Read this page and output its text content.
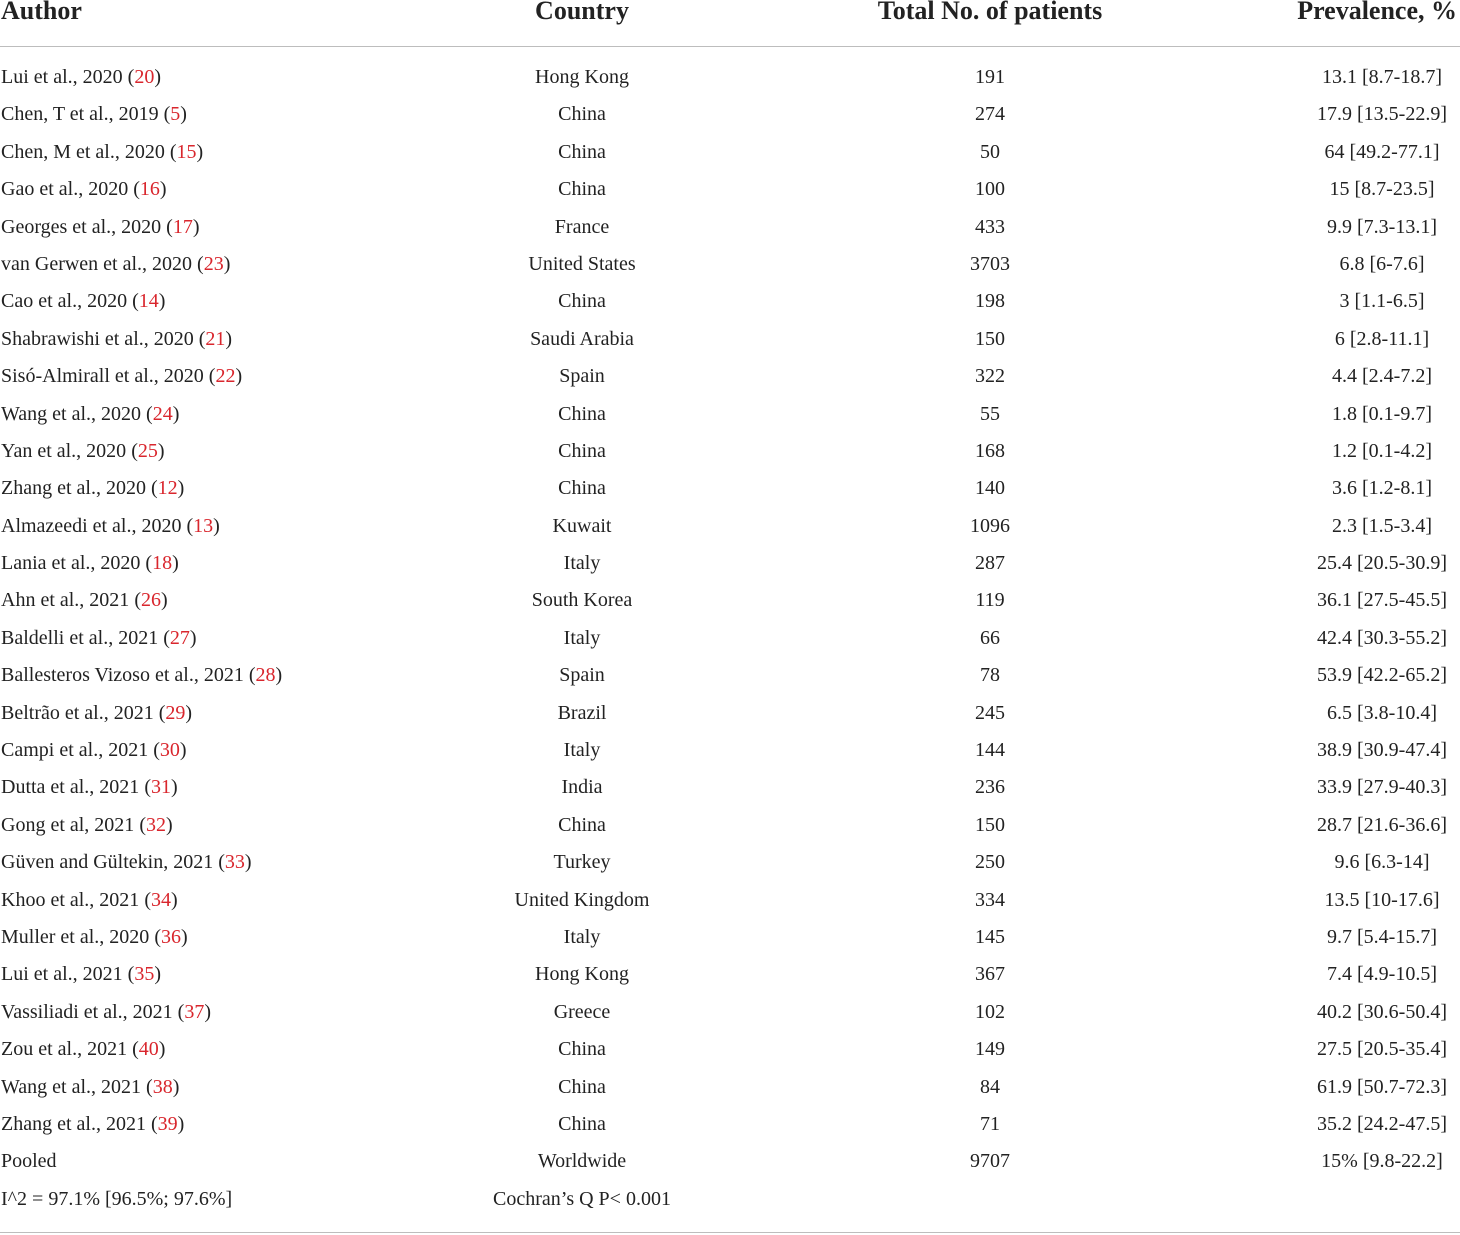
Author	Country	Total No. of patients	Prevalence, %
Lui et al., 2020 (20)	Hong Kong	191	13.1 [8.7-18.7]
Chen, T et al., 2019 (5)	China	274	17.9 [13.5-22.9]
Chen, M et al., 2020 (15)	China	50	64 [49.2-77.1]
Gao et al., 2020 (16)	China	100	15 [8.7-23.5]
Georges et al., 2020 (17)	France	433	9.9 [7.3-13.1]
van Gerwen et al., 2020 (23)	United States	3703	6.8 [6-7.6]
Cao et al., 2020 (14)	China	198	3 [1.1-6.5]
Shabrawishi et al., 2020 (21)	Saudi Arabia	150	6 [2.8-11.1]
Sisó-Almirall et al., 2020 (22)	Spain	322	4.4 [2.4-7.2]
Wang et al., 2020 (24)	China	55	1.8 [0.1-9.7]
Yan et al., 2020 (25)	China	168	1.2 [0.1-4.2]
Zhang et al., 2020 (12)	China	140	3.6 [1.2-8.1]
Almazeedi et al., 2020 (13)	Kuwait	1096	2.3 [1.5-3.4]
Lania et al., 2020 (18)	Italy	287	25.4 [20.5-30.9]
Ahn et al., 2021 (26)	South Korea	119	36.1 [27.5-45.5]
Baldelli et al., 2021 (27)	Italy	66	42.4 [30.3-55.2]
Ballesteros Vizoso et al., 2021 (28)	Spain	78	53.9 [42.2-65.2]
Beltrão et al., 2021 (29)	Brazil	245	6.5 [3.8-10.4]
Campi et al., 2021 (30)	Italy	144	38.9 [30.9-47.4]
Dutta et al., 2021 (31)	India	236	33.9 [27.9-40.3]
Gong et al, 2021 (32)	China	150	28.7 [21.6-36.6]
Güven and Gültekin, 2021 (33)	Turkey	250	9.6 [6.3-14]
Khoo et al., 2021 (34)	United Kingdom	334	13.5 [10-17.6]
Muller et al., 2020 (36)	Italy	145	9.7 [5.4-15.7]
Lui et al., 2021 (35)	Hong Kong	367	7.4 [4.9-10.5]
Vassiliadi et al., 2021 (37)	Greece	102	40.2 [30.6-50.4]
Zou et al., 2021 (40)	China	149	27.5 [20.5-35.4]
Wang et al., 2021 (38)	China	84	61.9 [50.7-72.3]
Zhang et al., 2021 (39)	China	71	35.2 [24.2-47.5]
Pooled	Worldwide	9707	15% [9.8-22.2]
I^2 = 97.1% [96.5%; 97.6%]	Cochran’s Q P< 0.001
